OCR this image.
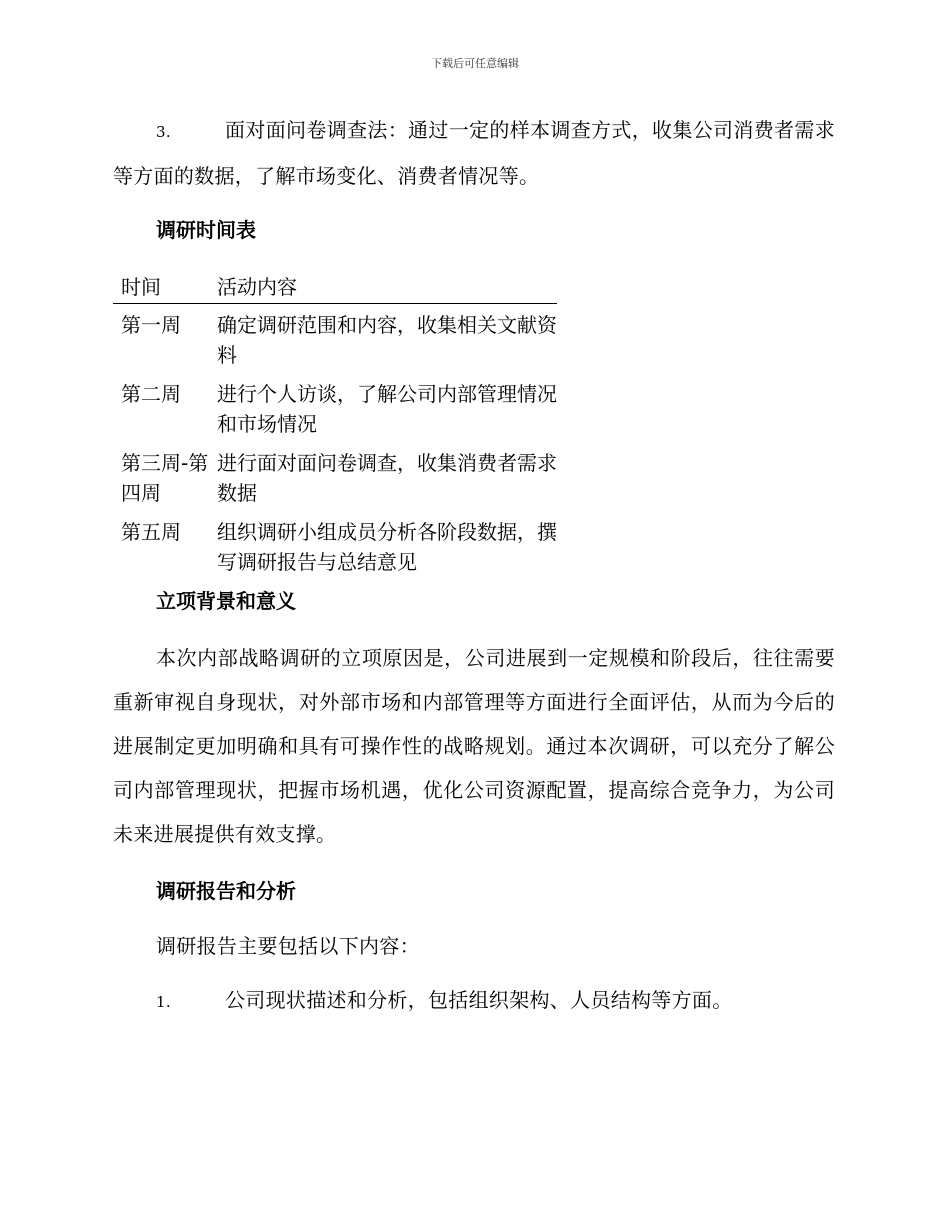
下载后可任意编辑

3.	面对面问卷调查法：通过一定的样本调查方式，收集公司消费者需求等方面的数据，了解市场变化、消费者情况等。

调研时间表
时间	活动内容
第一周	确定调研范围和内容，收集相关文献资料
第二周	进行个人访谈，了解公司内部管理情况和市场情况
第三周-第四周	进行面对面问卷调查，收集消费者需求数据
第五周	组织调研小组成员分析各阶段数据，撰写调研报告与总结意见
立项背景和意义

本次内部战略调研的立项原因是，公司进展到一定规模和阶段后，往往需要重新审视自身现状，对外部市场和内部管理等方面进行全面评估，从而为今后的进展制定更加明确和具有可操作性的战略规划。通过本次调研，可以充分了解公司内部管理现状，把握市场机遇，优化公司资源配置，提高综合竞争力，为公司未来进展提供有效支撑。

调研报告和分析

调研报告主要包括以下内容：

1.	公司现状描述和分析，包括组织架构、人员结构等方面。
